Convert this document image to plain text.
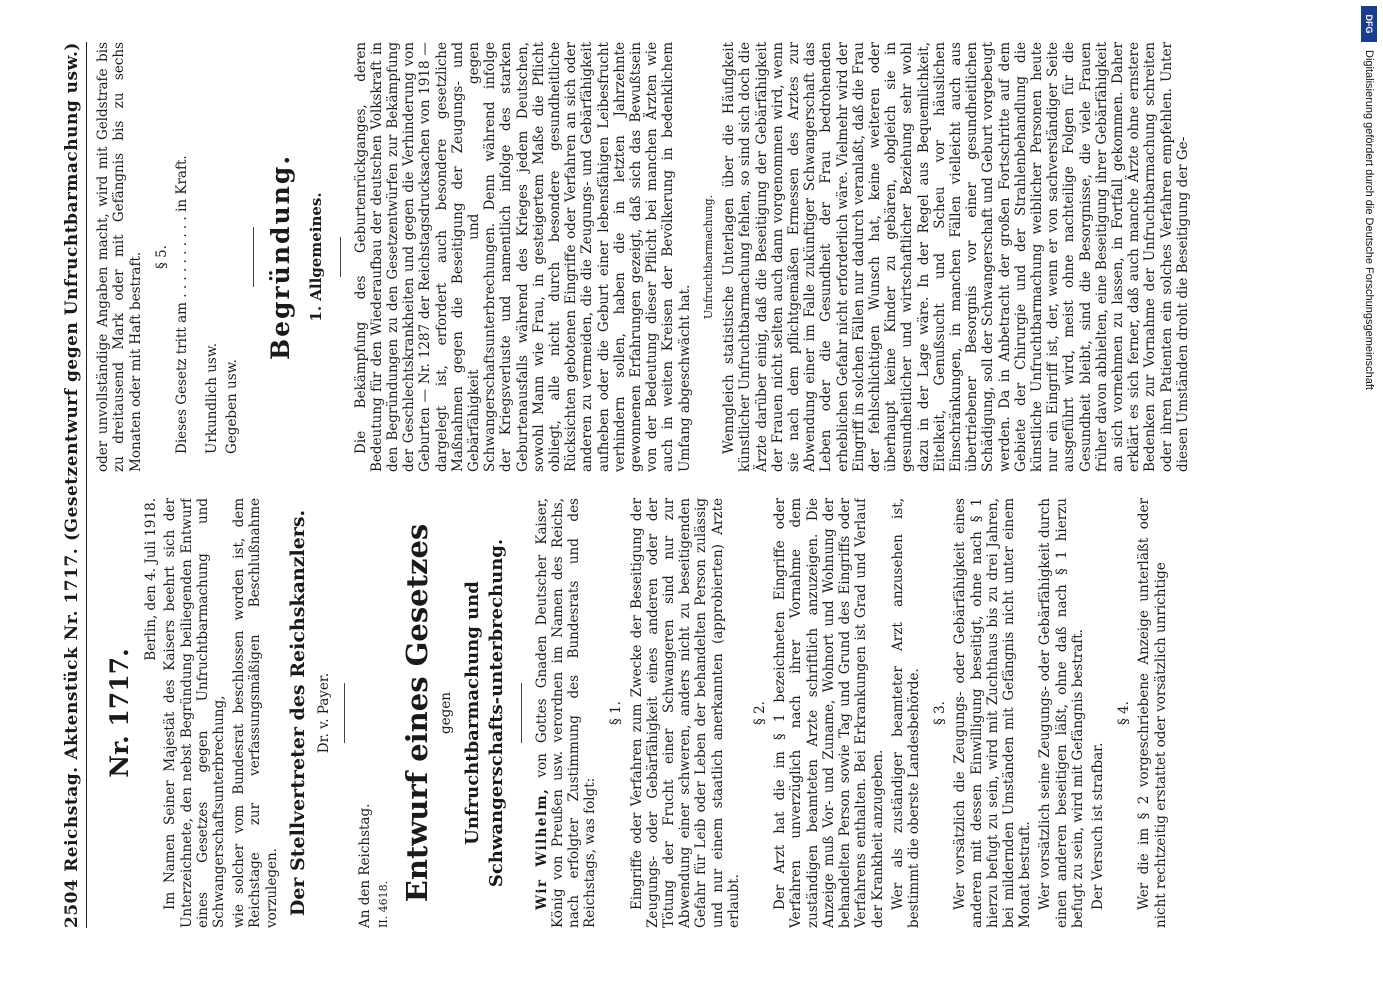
2504
Reichstag.
Aktenstück Nr. 1717.
(Gesetzentwurf gegen Unfruchtbarmachung usw.)
Nr. 1717.

Berlin, den 4. Juli 1918. Im Namen Seiner Majestät des Kaisers beehrt sich der Unterzeichnete, den nebst Begründung beiliegenden Entwurf eines Gesetzes gegen Unfruchtbarmachung und Schwangerschaftsunterbrechung, wie solcher vom Bundesrat beschlossen worden ist, dem Reichstage zur verfassungsmäßigen Beschlußnahme vorzulegen. Der Stellvertreter des Reichskanzlers. Dr. v. Payer.

An den Reichstag. II. 4618.

Entwurf eines Gesetzes gegen Unfruchtbarmachung und Schwangerschafts-unterbrechung. Wir Wilhelm, von Gottes Gnaden Deutscher Kaiser, König von Preußen usw. verordnen im Namen des Reichs, nach erfolgter Zustimmung des Bundesrats und des Reichstags, was folgt:

§ 1. Eingriffe oder Verfahren zum Zwecke der Beseitigung der Zeugungs- oder Gebärfähigkeit eines anderen oder der Tötung der Frucht einer Schwangeren sind nur zur Abwendung einer schweren, anders nicht zu beseitigenden Gefahr für Leib oder Leben der behandelten Person zulässig und nur einem staatlich anerkannten (approbierten) Arzte erlaubt.

§ 2. Der Arzt hat die im § 1 bezeichneten Eingriffe oder Verfahren unverzüglich nach ihrer Vornahme dem zuständigen beamteten Arzte schriftlich anzuzeigen. Die Anzeige muß Vor- und Zuname, Wohnort und Wohnung der behandelten Person sowie Tag und Grund des Eingriffs oder Verfahrens enthalten. Bei Erkrankungen ist Grad und Verlauf der Krankheit anzugeben. Wer als zuständiger beamteter Arzt anzusehen ist, bestimmt die oberste Landesbehörde. § 3. Wer vorsätzlich die Zeugungs- oder Gebärfähigkeit eines anderen mit dessen Einwilligung beseitigt, ohne nach § 1 hierzu befugt zu sein, wird mit Zuchthaus bis zu drei Jahren, bei mildernden Umständen mit Gefängnis nicht unter einem Monat bestraft. Wer vorsätzlich seine Zeugungs- oder Gebärfähigkeit durch einen anderen beseitigen läßt, ohne daß nach § 1 hierzu befugt zu sein, wird mit Gefängnis bestraft. Der Versuch ist strafbar.

§ 4. Wer die im § 2 vorgeschriebene Anzeige unterläßt oder nicht rechtzeitig erstattet oder vorsätzlich unrichtige

oder unvollständige Angaben macht, wird mit Geldstrafe bis zu dreitausend Mark oder mit Gefängnis bis zu sechs Monaten oder mit Haft bestraft. § 5. Dieses Gesetz tritt am . . . . . . . . . . in Kraft. Urkundlich usw. Gegeben usw.

Begründung. 1. Allgemeines. Die Bekämpfung des Geburtenrückganges, deren Bedeutung für den Wiederaufbau der deutschen Volkskraft in den Begründungen zu den Gesetzentwürfen zur Bekämpfung der Geschlechtskrankheiten und gegen die Verhinderung von Geburten — Nr. 1287 der Reichstagsdrucksachen von 1918 — dargelegt ist, erfordert auch besondere gesetzliche Maßnahmen gegen die Beseitigung der Zeugungs- und Gebärfähigkeit und gegen Schwangerschaftsunterbrechungen. Denn während infolge der Kriegsverluste und namentlich infolge des starken Geburtenausfalls während des Krieges jedem Deutschen, sowohl Mann wie Frau, in gesteigertem Maße die Pflicht obliegt, alle nicht durch besondere gesundheitliche Rücksichten gebotenen Eingriffe oder Verfahren an sich oder anderen zu vermeiden, die die Zeugungs- und Gebärfähigkeit aufheben oder die Geburt einer lebensfähigen Leibesfrucht verhindern sollen, haben die in letzten Jahrzehnte gewonnenen Erfahrungen gezeigt, daß sich das Bewußtsein von der Bedeutung dieser Pflicht bei manchen Ärzten wie auch in weiten Kreisen der Bevölkerung in bedenklichem Umfang abgeschwächt hat.

Unfruchtbarmachung. Wenngleich statistische Unterlagen über die Häufigkeit künstlicher Unfruchtbarmachung fehlen, so sind sich doch die Ärzte darüber einig, daß die Beseitigung der Gebärfähigkeit der Frauen nicht selten auch dann vorgenommen wird, wenn sie nach dem pflichtgemäßen Ermessen des Arztes zur Abwendung einer im Falle zukünftiger Schwangerschaft das Leben oder die Gesundheit der Frau bedrohenden erheblichen Gefahr nicht erforderlich wäre. Vielmehr wird der Eingriff in solchen Fällen nur dadurch veranlaßt, daß die Frau der fehlschlichtigen Wunsch hat, keine weiteren oder überhaupt keine Kinder zu gebären, obgleich sie in gesundheitlicher und wirtschaftlicher Beziehung sehr wohl dazu in der Lage wäre. In der Regel aus Bequemlichkeit, Eitelkeit, Genußsucht und Scheu vor häuslichen Einschränkungen, in manchen Fällen vielleicht auch aus übertriebener Besorgnis vor einer gesundheitlichen Schädigung, soll der Schwangerschaft und Geburt vorgebeugt werden. Da in Anbetracht der großen Fortschritte auf dem Gebiete der Chirurgie und der Strahlenbehandlung die künstliche Unfruchtbarmachung weiblicher Personen heute nur ein Eingriff ist, der, wenn er von sachverständiger Seite ausgeführt wird, meist ohne nachteilige Folgen für die Gesundheit bleibt, sind die Besorgnisse, die viele Frauen früher davon abhielten, eine Beseitigung ihrer Gebärfähigkeit an sich vornehmen zu lassen, in Fortfall gekommen. Daher erklärt es sich ferner, daß auch manche Ärzte ohne ernstere Bedenken zur Vornahme der Unfruchtbarmachung schreiten oder ihren Patienten ein solches Verfahren empfehlen. Unter diesen Umständen droht die Beseitigung der Ge-

DFG
Digitalisierung gefördert durch die Deutsche Forschungsgemeinschaft
